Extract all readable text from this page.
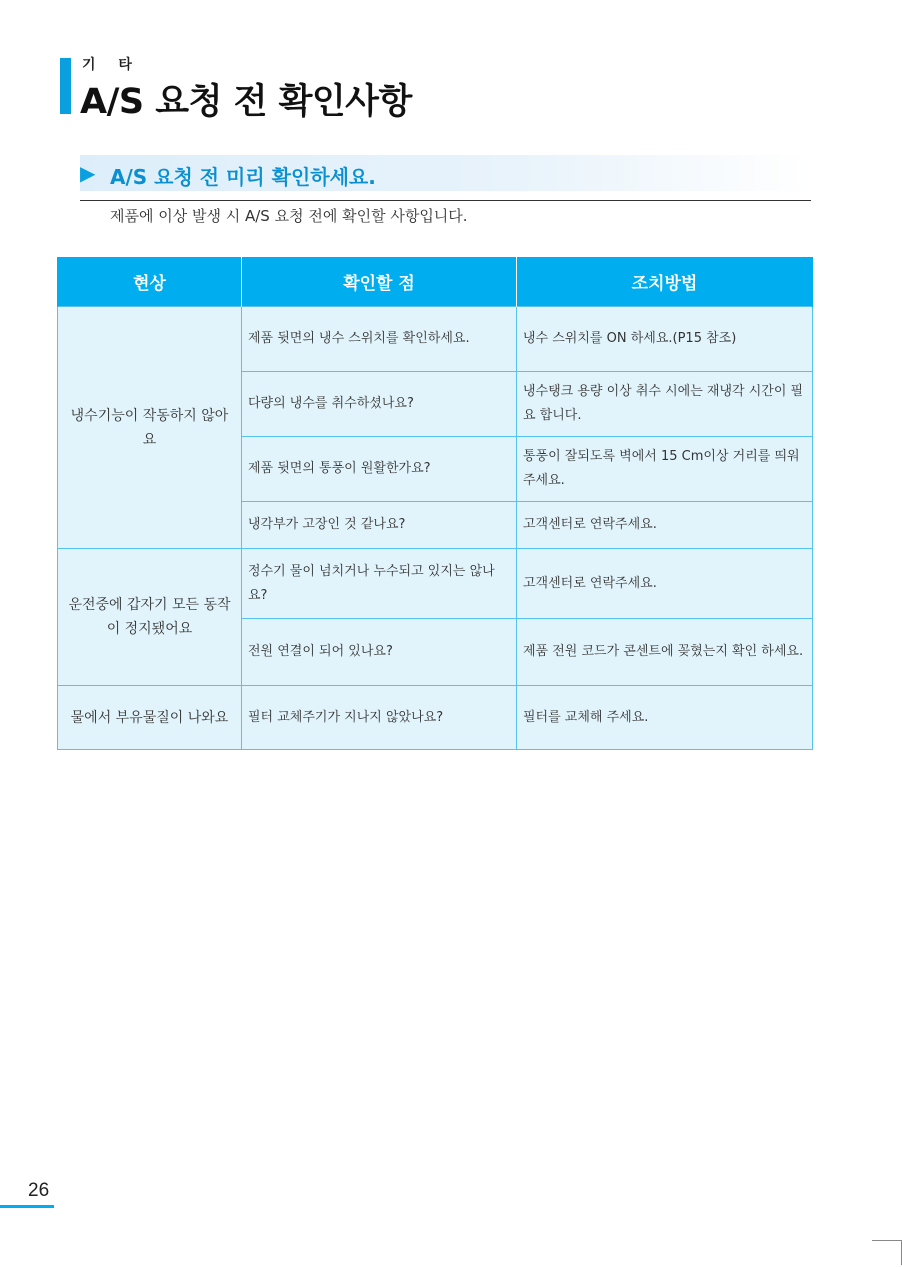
기 타
A/S 요청 전 확인사항
▶ A/S 요청 전 미리 확인하세요.
제품에 이상 발생 시 A/S 요청 전에 확인할 사항입니다.
현상	확인할 점	조치방법
냉수기능이 작동하지 않아요	제품 뒷면의 냉수 스위치를 확인하세요.	냉수 스위치를 ON 하세요.(P15 참조)
	다량의 냉수를 취수하셨나요?	냉수탱크 용량 이상 취수 시에는 재냉각 시간이 필요 합니다.
	제품 뒷면의 통풍이 원활한가요?	통풍이 잘되도록 벽에서 15 Cm이상 거리를 띄워주세요.
	냉각부가 고장인 것 같나요?	고객센터로 연락주세요.
운전중에 갑자기 모든 동작이 정지됐어요	정수기 물이 넘치거나 누수되고 있지는 않나요?	고객센터로 연락주세요.
	전원 연결이 되어 있나요?	제품 전원 코드가 콘센트에 꽂혔는지 확인 하세요.
물에서 부유물질이 나와요	필터 교체주기가 지나지 않았나요?	필터를 교체해 주세요.
26
